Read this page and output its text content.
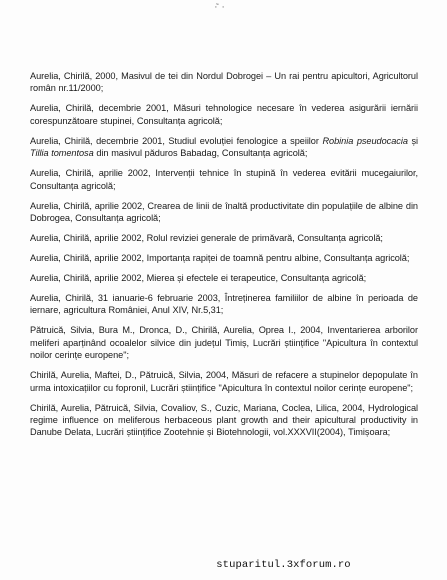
·͂ ·
Aurelia, Chirilă, 2000, Masivul de tei din Nordul Dobrogei – Un rai pentru apicultori, Agricultorul român nr.11/2000;
Aurelia, Chirilă, decembrie 2001, Măsuri tehnologice necesare în vederea asigurării iernării corespunzătoare stupinei, Consultanța agricolă;
Aurelia, Chirilă, decembrie 2001, Studiul evoluției fenologice a speiilor Robinia pseudocacia și Tillia tomentosa din masivul păduros Babadag, Consultanța agricolă;
Aurelia, Chirilă, aprilie 2002, Intervenții tehnice în stupină în vederea evitării mucegaiurilor, Consultanța agricolă;
Aurelia, Chirilă, aprilie 2002, Crearea de linii de înaltă productivitate din populațiile de albine din Dobrogea, Consultanța agricolă;
Aurelia, Chirilă, aprilie 2002, Rolul reviziei generale de primăvară, Consultanța agricolă;
Aurelia, Chirilă, aprilie 2002, Importanța rapiței de toamnă pentru albine, Consultanța agricolă;
Aurelia, Chirilă, aprilie 2002, Mierea și efectele ei terapeutice, Consultanța agricolă;
Aurelia, Chirilă, 31 ianuarie-6 februarie 2003, Întreținerea familiilor de albine în perioada de iernare, agricultura României, Anul XIV, Nr.5,31;
Pătruică, Silvia, Bura M., Dronca, D., Chirilă, Aurelia, Oprea I., 2004, Inventarierea arborilor meliferi aparținând ocoalelor silvice din județul Timiș, Lucrări științifice "Apicultura în contextul noilor cerințe europene";
Chirilă, Aurelia, Maftei, D., Pătruică, Silvia, 2004, Măsuri de refacere a stupinelor depopulate în urma intoxicațiilor cu fopronil, Lucrări științifice "Apicultura în contextul noilor cerințe europene";
Chirilă, Aurelia, Pătruică, Silvia, Covaliov, S., Cuzic, Mariana, Coclea, Lilica, 2004, Hydrological regime influence on meliferous herbaceous plant growth and their apicultural productivity in Danube Delata, Lucrări științifice Zootehnie și Biotehnologii, vol.XXXVII(2004), Timișoara;
stuparitul.3xforum.ro
